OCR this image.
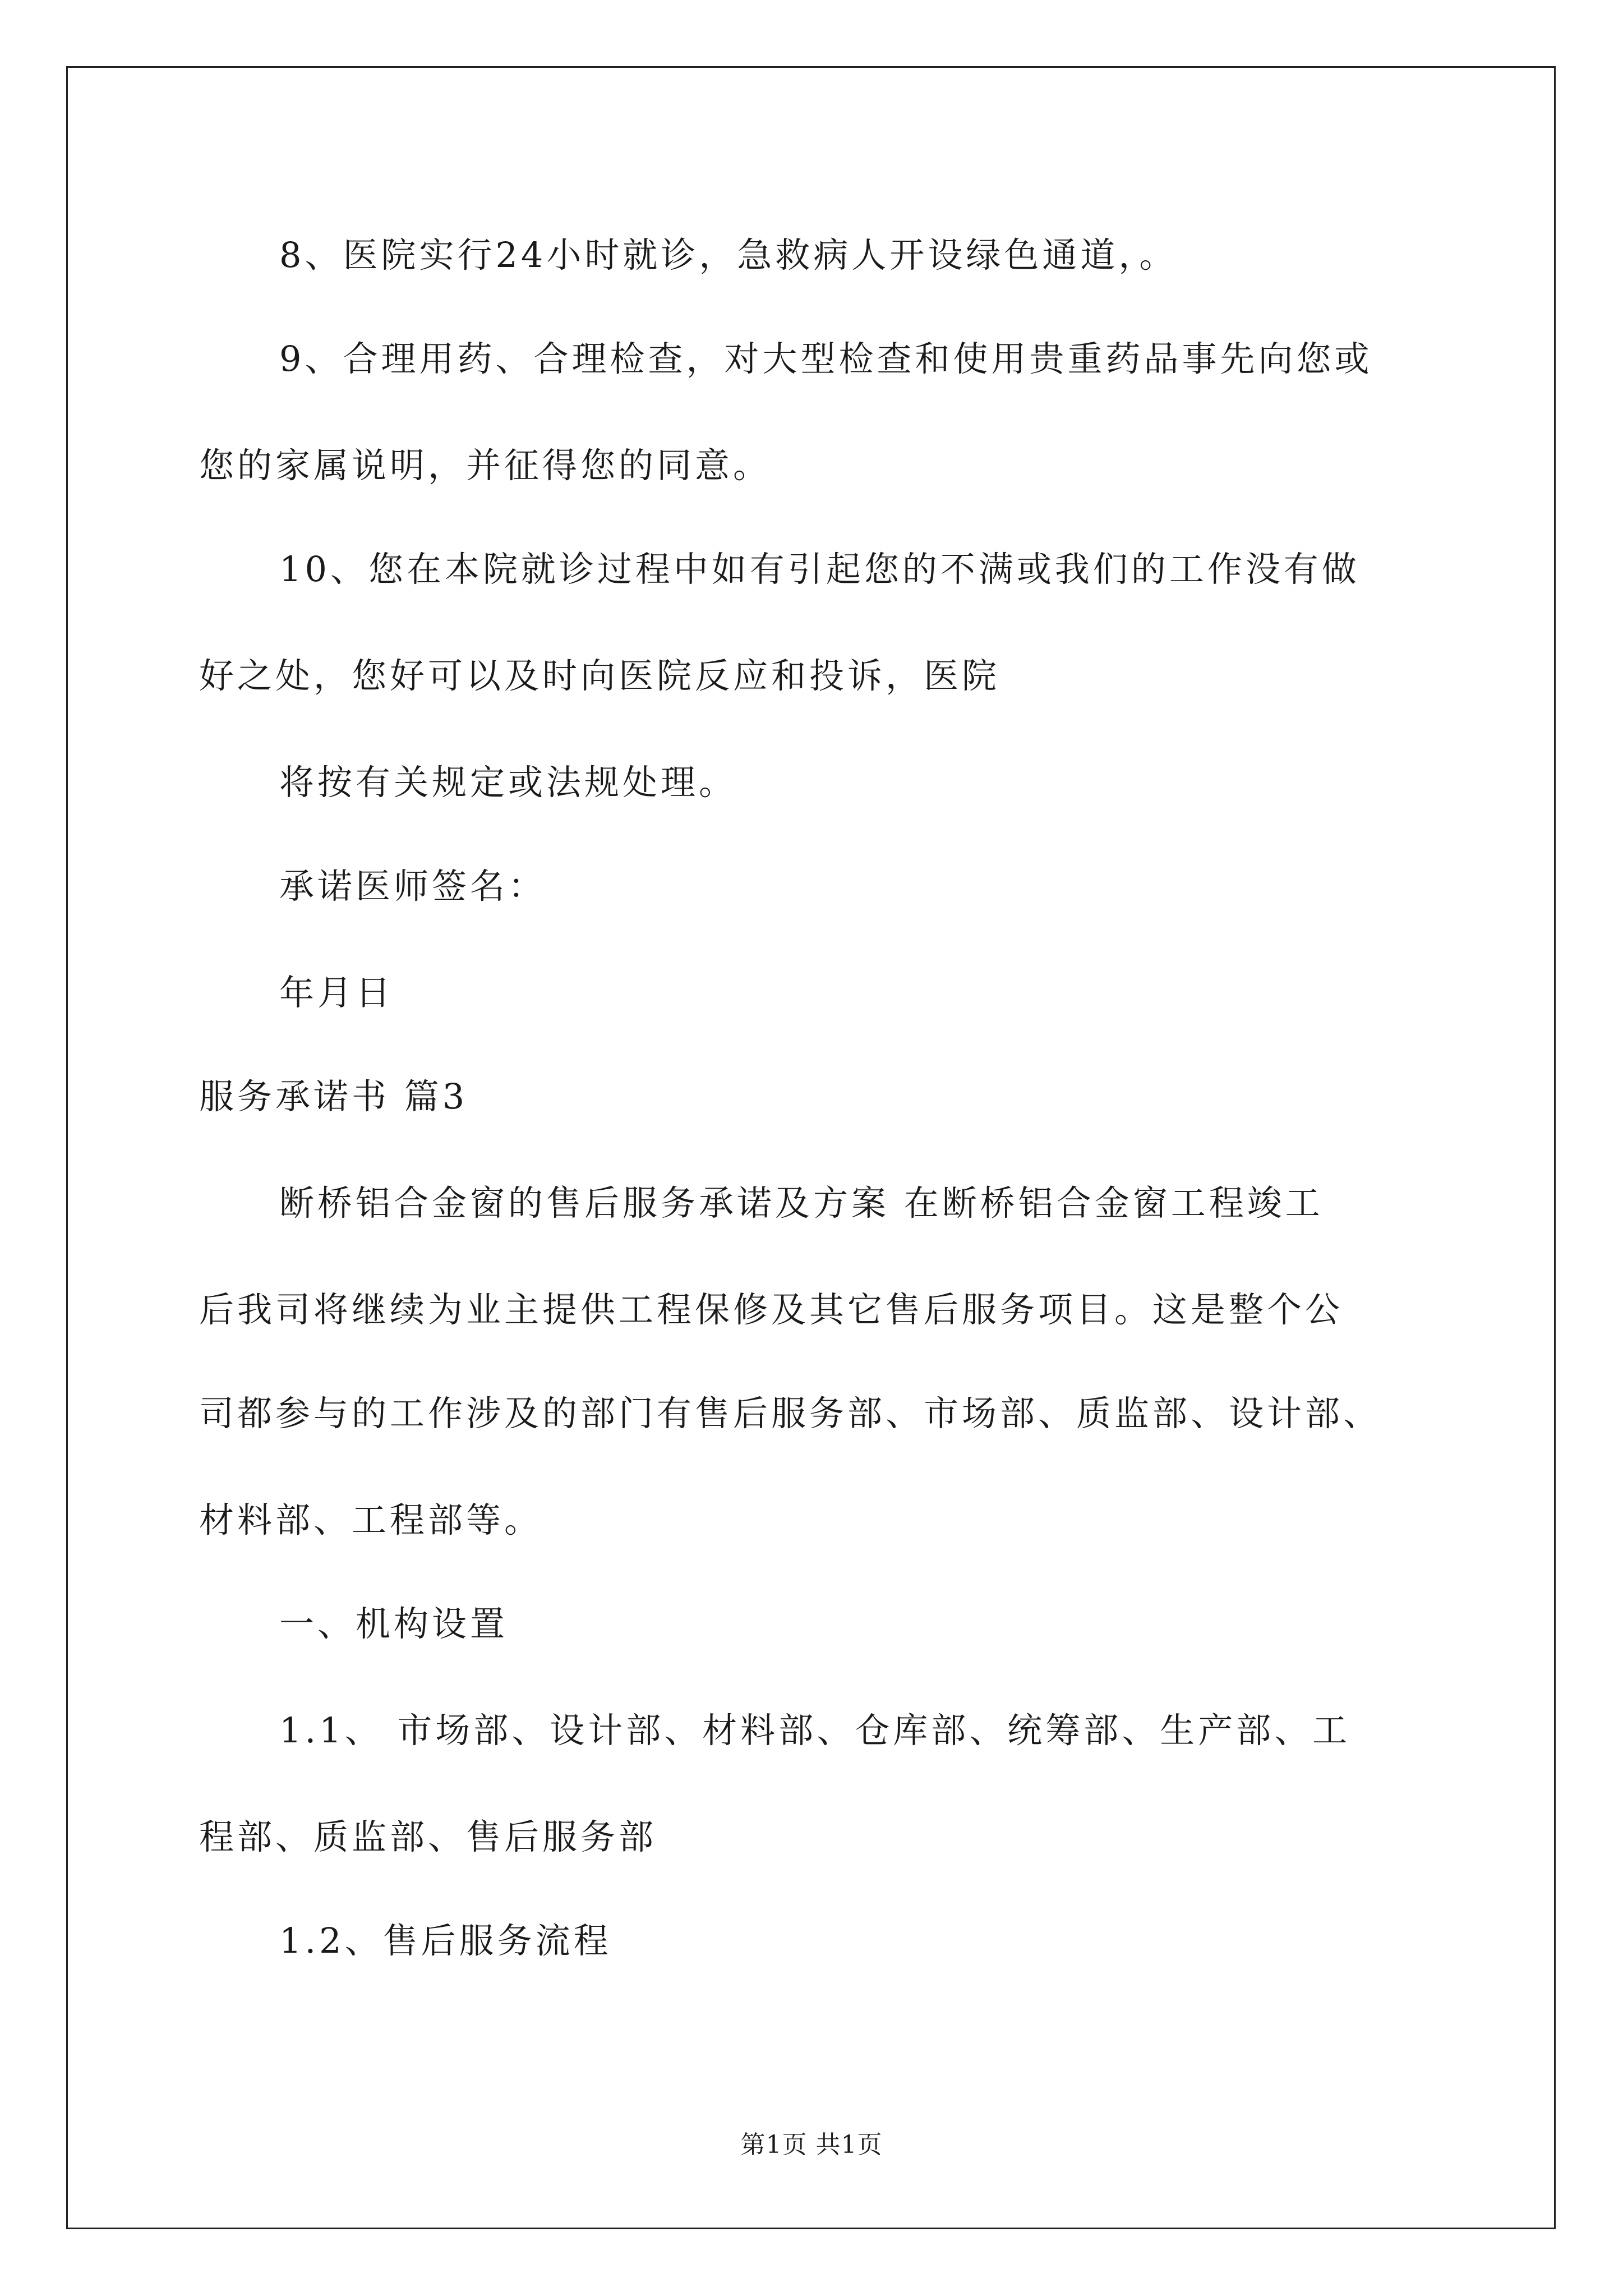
8、医院实行24小时就诊，急救病人开设绿色通道，。
9、合理用药、合理检查，对大型检查和使用贵重药品事先向您或
您的家属说明，并征得您的同意。
10、您在本院就诊过程中如有引起您的不满或我们的工作没有做
好之处，您好可以及时向医院反应和投诉，医院
将按有关规定或法规处理。
承诺医师签名：
年月日
服务承诺书 篇3
断桥铝合金窗的售后服务承诺及方案 在断桥铝合金窗工程竣工
后我司将继续为业主提供工程保修及其它售后服务项目。这是整个公
司都参与的工作涉及的部门有售后服务部、市场部、质监部、设计部、
材料部、工程部等。
一、机构设置
1.1、 市场部、设计部、材料部、仓库部、统筹部、生产部、工
程部、质监部、售后服务部
1.2、售后服务流程
第1页 共1页
